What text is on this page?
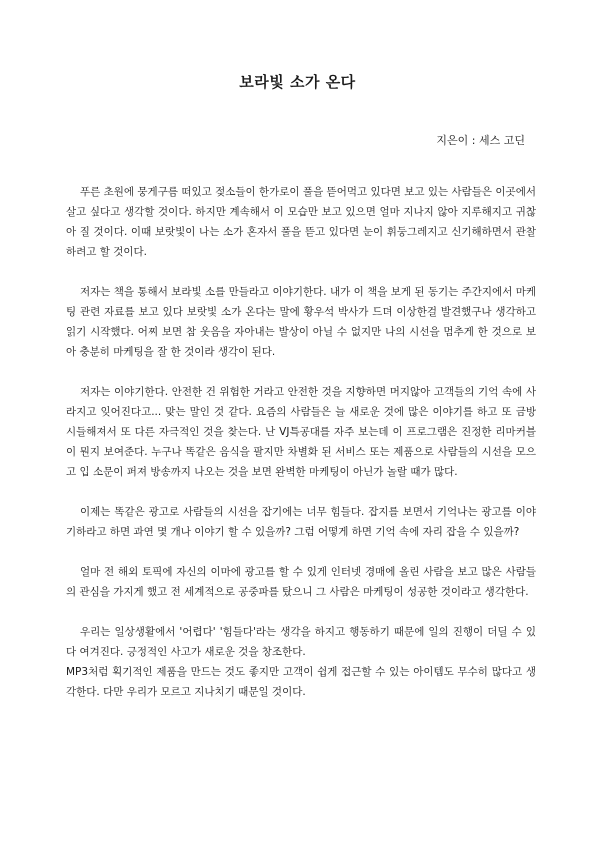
보라빛 소가 온다
지은이 : 세스 고딘

푸른 초원에 뭉게구름 떠있고 젖소들이 한가로이 풀을 뜯어먹고 있다면 보고 있는 사람들은 이곳에서 살고 싶다고 생각할 것이다. 하지만 계속해서 이 모습만 보고 있으면 얼마 지나지 않아 지루해지고 귀찮아 질 것이다. 이때 보랏빛이 나는 소가 혼자서 풀을 뜯고 있다면 눈이 휘둥그레지고 신기해하면서 관찰하려고 할 것이다.

저자는 책을 통해서 보라빛 소를 만들라고 이야기한다. 내가 이 책을 보게 된 동기는 주간지에서 마케팅 관련 자료를 보고 있다 보랏빛 소가 온다는 말에 황우석 박사가 드뎌 이상한걸 발견했구나 생각하고 읽기 시작했다. 어찌 보면 참 웃음을 자아내는 발상이 아닐 수 없지만 나의 시선을 멈추게 한 것으로 보아 충분히 마케팅을 잘 한 것이라 생각이 된다.

저자는 이야기한다. 안전한 건 위험한 거라고 안전한 것을 지향하면 머지않아 고객들의 기억 속에 사라지고 잊어진다고... 맞는 말인 것 같다. 요즘의 사람들은 늘 새로운 것에 많은 이야기를 하고 또 금방 시들해져서 또 다른 자극적인 것을 찾는다. 난 VJ특공대를 자주 보는데 이 프로그램은 진정한 리마커블이 뭔지 보여준다. 누구나 똑같은 음식을 팔지만 차별화 된 서비스 또는 제품으로 사람들의 시선을 모으고 입 소문이 퍼져 방송까지 나오는 것을 보면 완벽한 마케팅이 아닌가 놀랄 때가 많다.

이제는 똑같은 광고로 사람들의 시선을 잡기에는 너무 힘들다. 잡지를 보면서 기억나는 광고를 이야기하라고 하면 과연 몇 개나 이야기 할 수 있을까? 그럼 어떻게 하면 기억 속에 자리 잡을 수 있을까?

얼마 전 해외 토픽에 자신의 이마에 광고를 할 수 있게 인터넷 경매에 올린 사람을 보고 많은 사람들의 관심을 가지게 했고 전 세계적으로 공중파를 탔으니 그 사람은 마케팅이 성공한 것이라고 생각한다.

우리는 일상생활에서 '어렵다' '힘들다'라는 생각을 하지고 행동하기 때문에 일의 진행이 더딜 수 있다 여겨진다. 긍정적인 사고가 새로운 것을 창조한다.

MP3처럼 획기적인 제품을 만드는 것도 좋지만 고객이 쉽게 접근할 수 있는 아이템도 무수히 많다고 생각한다. 다만 우리가 모르고 지나치기 때문일 것이다.
